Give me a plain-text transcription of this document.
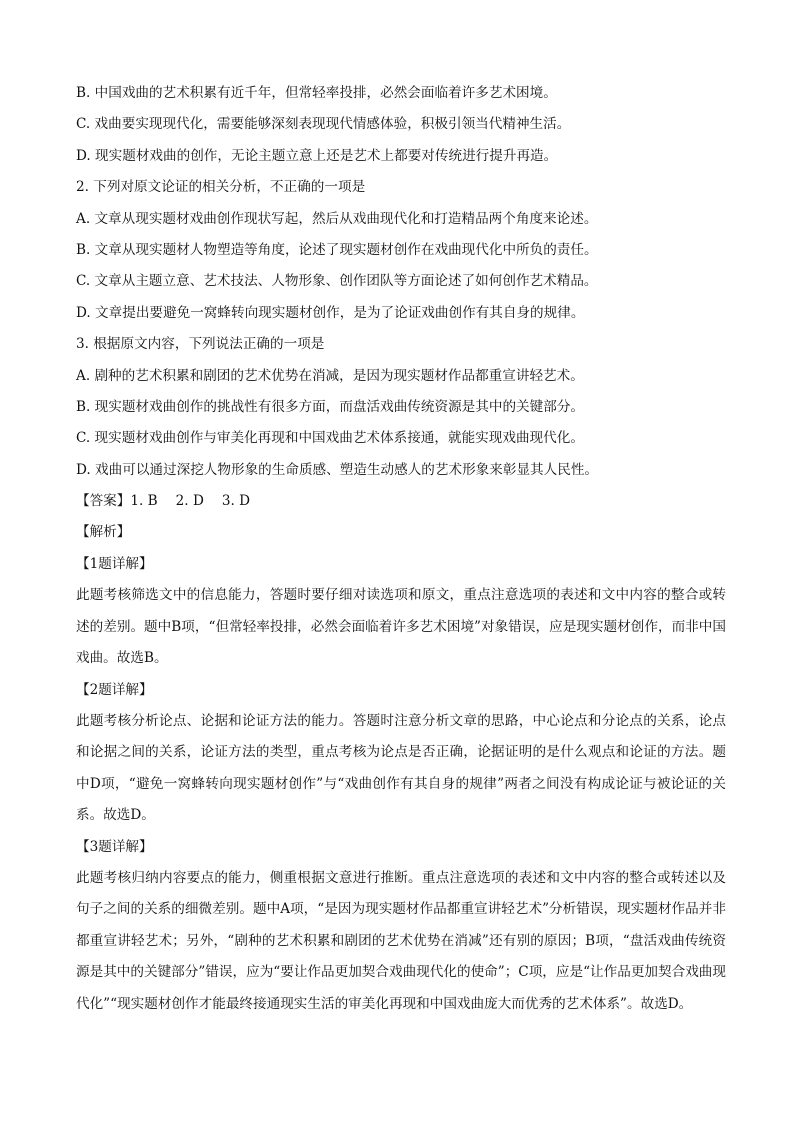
B. 中国戏曲的艺术积累有近千年，但常轻率投排，必然会面临着许多艺术困境。
C. 戏曲要实现现代化，需要能够深刻表现现代情感体验，积极引领当代精神生活。
D. 现实题材戏曲的创作，无论主题立意上还是艺术上都要对传统进行提升再造。
2. 下列对原文论证的相关分析，不正确的一项是
A. 文章从现实题材戏曲创作现状写起，然后从戏曲现代化和打造精品两个角度来论述。
B. 文章从现实题材人物塑造等角度，论述了现实题材创作在戏曲现代化中所负的责任。
C. 文章从主题立意、艺术技法、人物形象、创作团队等方面论述了如何创作艺术精品。
D. 文章提出要避免一窝蜂转向现实题材创作，是为了论证戏曲创作有其自身的规律。
3. 根据原文内容，下列说法正确的一项是
A. 剧种的艺术积累和剧团的艺术优势在消减，是因为现实题材作品都重宣讲轻艺术。
B. 现实题材戏曲创作的挑战性有很多方面，而盘活戏曲传统资源是其中的关键部分。
C. 现实题材戏曲创作与审美化再现和中国戏曲艺术体系接通，就能实现戏曲现代化。
D. 戏曲可以通过深挖人物形象的生命质感、塑造生动感人的艺术形象来彰显其人民性。
【答案】1. B 2. D 3. D
【解析】
【1题详解】
此题考核筛选文中的信息能力，答题时要仔细对读选项和原文，重点注意选项的表述和文中内容的整合或转述的差别。题中B项，“但常轻率投排，必然会面临着许多艺术困境”对象错误，应是现实题材创作，而非中国戏曲。故选B。
【2题详解】
此题考核分析论点、论据和论证方法的能力。答题时注意分析文章的思路，中心论点和分论点的关系，论点和论据之间的关系，论证方法的类型，重点考核为论点是否正确，论据证明的是什么观点和论证的方法。题中D项，“避免一窝蜂转向现实题材创作”与“戏曲创作有其自身的规律”两者之间没有构成论证与被论证的关系。故选D。
【3题详解】
此题考核归纳内容要点的能力，侧重根据文意进行推断。重点注意选项的表述和文中内容的整合或转述以及句子之间的关系的细微差别。题中A项，“是因为现实题材作品都重宣讲轻艺术”分析错误，现实题材作品并非都重宣讲轻艺术；另外，“剧种的艺术积累和剧团的艺术优势在消减”还有别的原因；B项，“盘活戏曲传统资源是其中的关键部分”错误，应为“要让作品更加契合戏曲现代化的使命”；C项，应是“让作品更加契合戏曲现代化”“现实题材创作才能最终接通现实生活的审美化再现和中国戏曲庞大而优秀的艺术体系”。故选D。
